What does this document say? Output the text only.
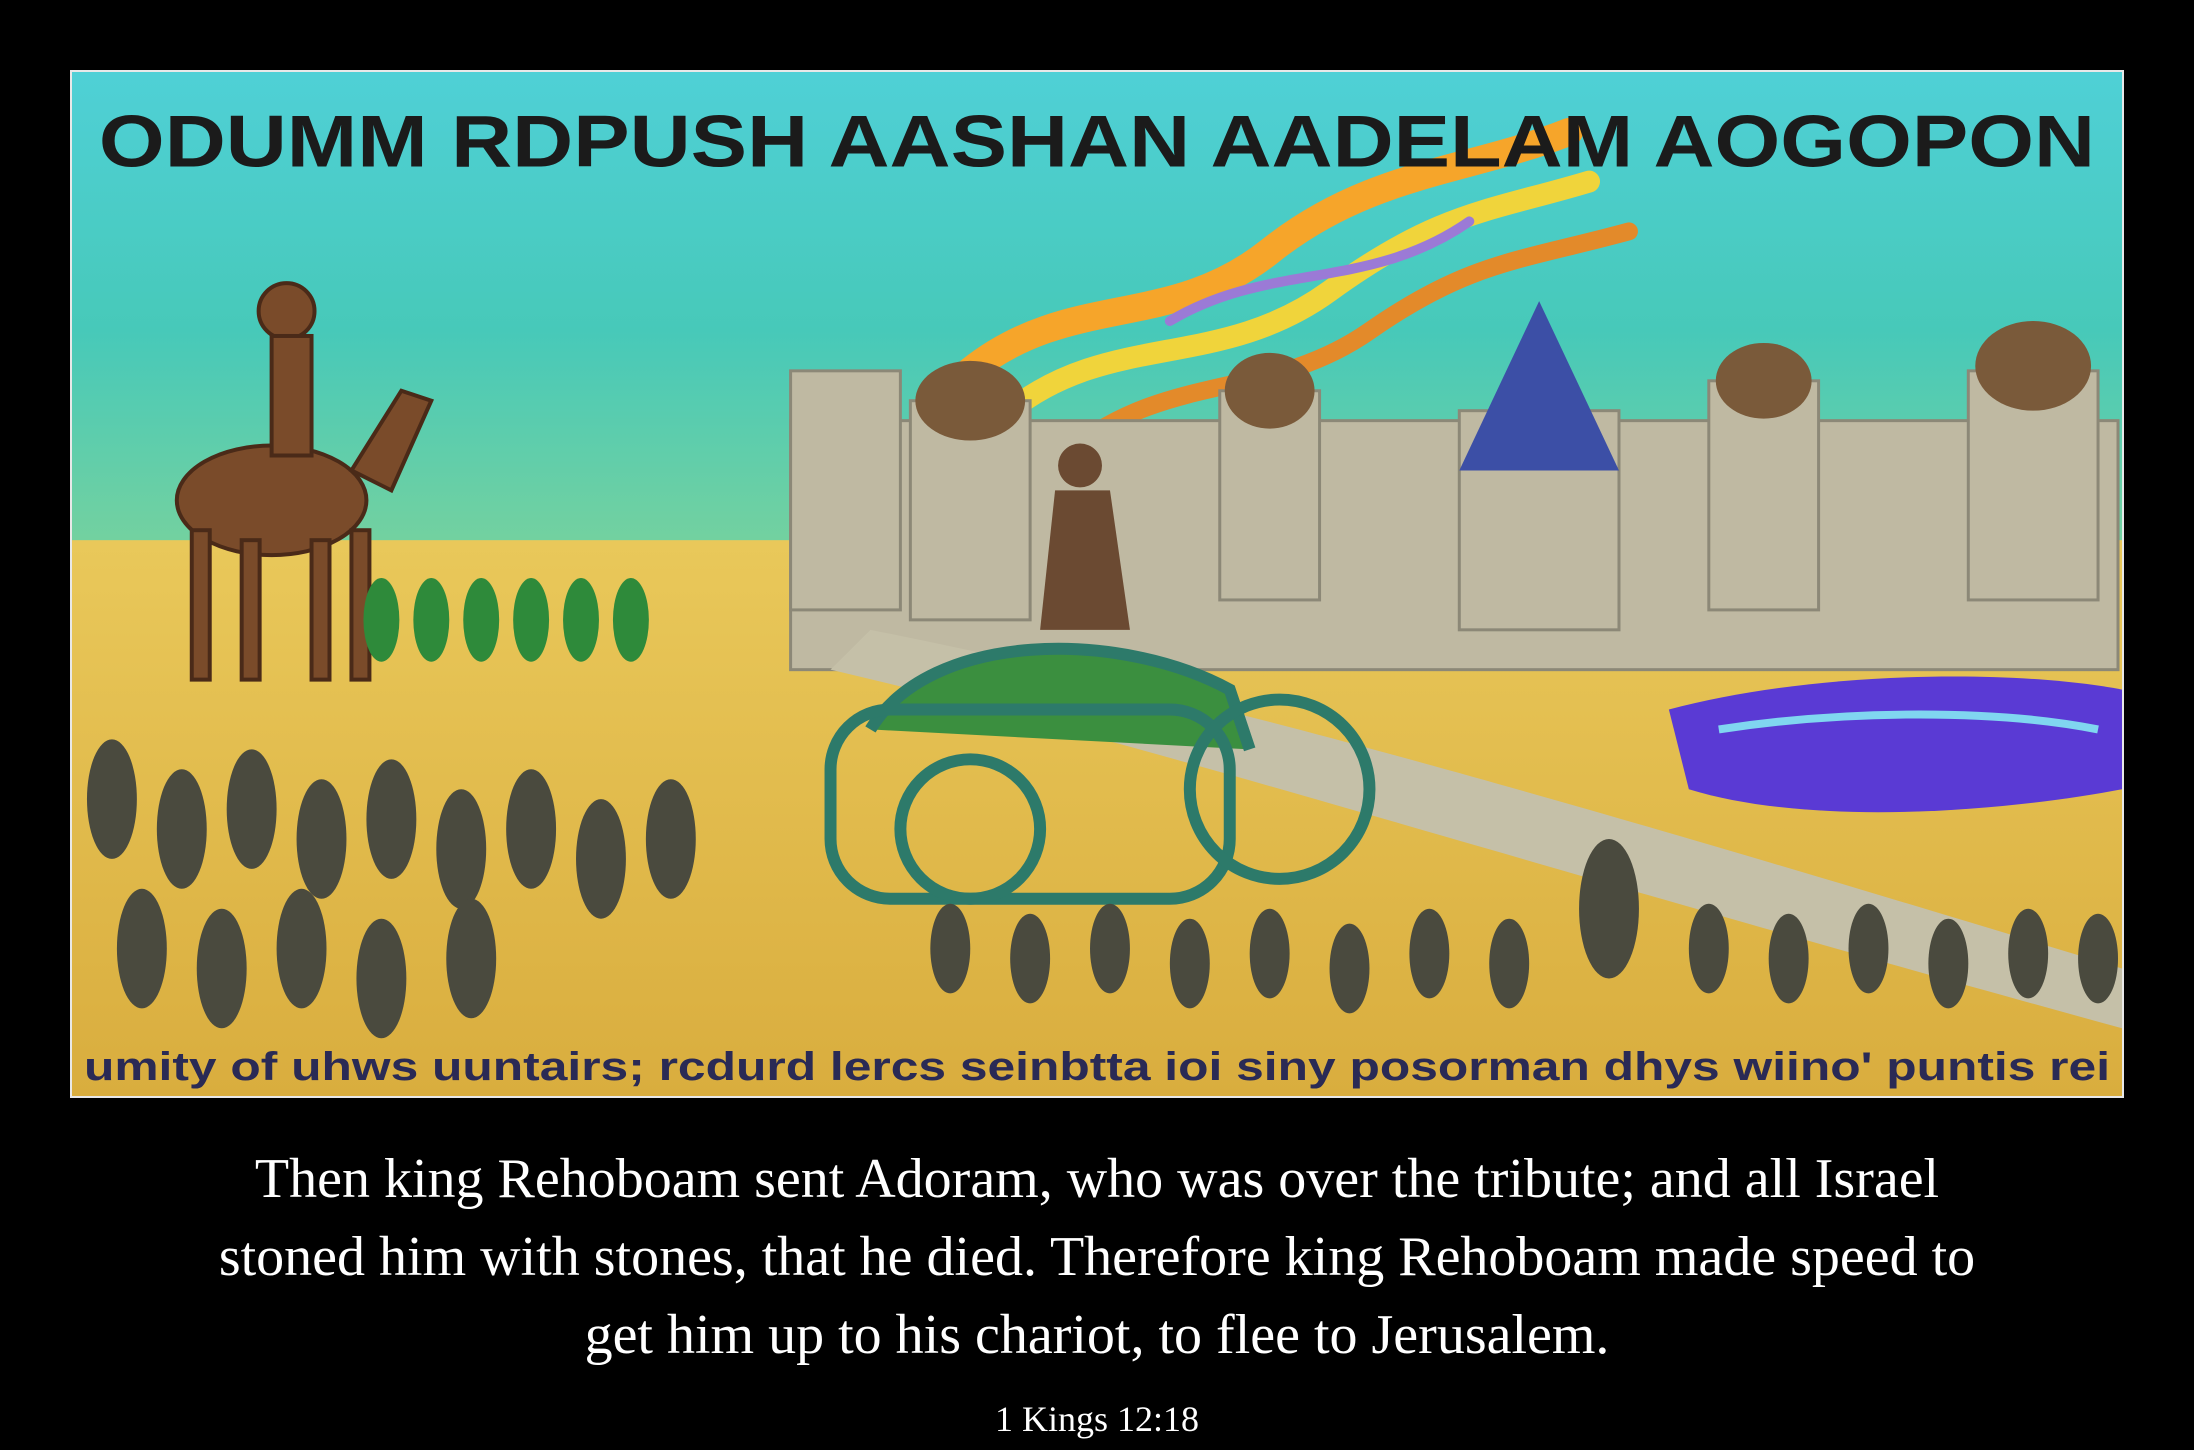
ODUMM RDPUSH AASHAN AADELAM AOGOPON
umity of uhws uuntairs; rcdurd lercs seinbtta ioi siny posorman dhys wiino' puntis rei
Then king Rehoboam sent Adoram, who was over the tribute; and all Israel
stoned him with stones, that he died. Therefore king Rehoboam made speed to
get him up to his chariot, to flee to Jerusalem.
1 Kings 12:18
